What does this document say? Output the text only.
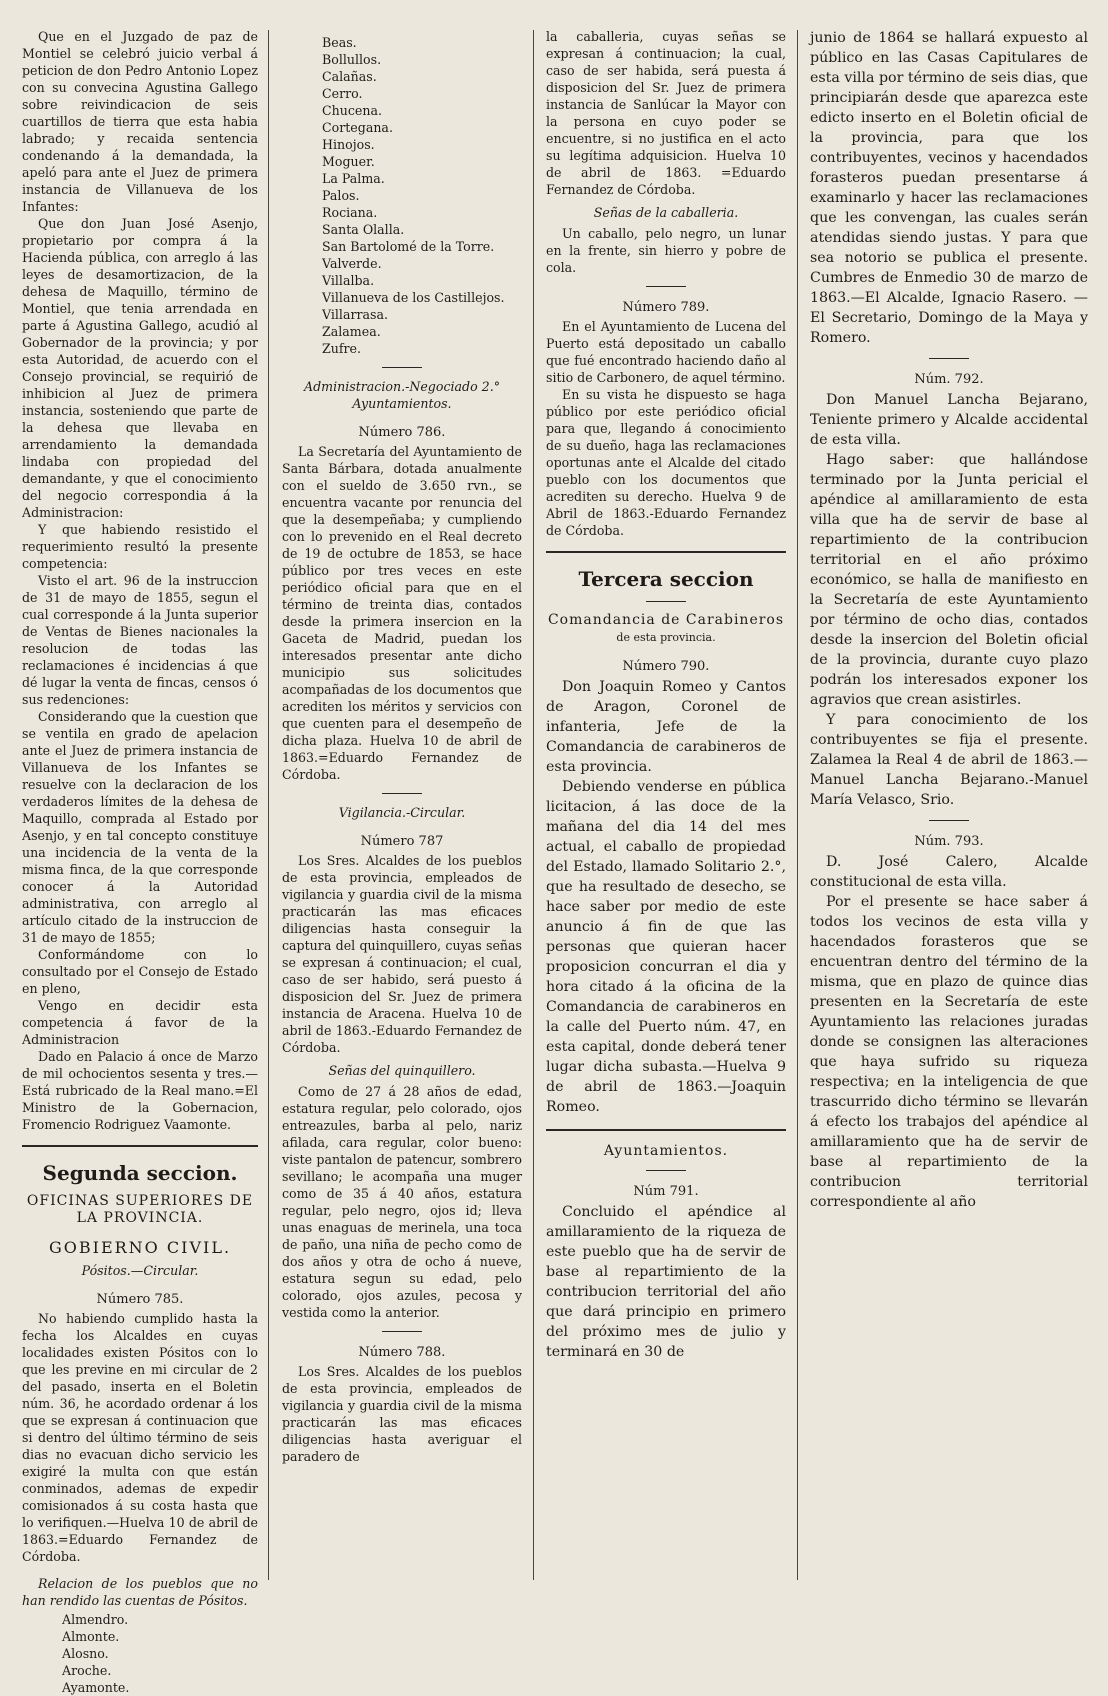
Que en el Juzgado de paz de Montiel se celebró juicio verbal á peticion de don Pedro Antonio Lopez con su convecina Agustina Gallego sobre reivindicacion de seis cuartillos de tierra que esta habia labrado; y recaida sentencia condenando á la demandada, la apeló para ante el Juez de primera instancia de Villanueva de los Infantes:

Que don Juan José Asenjo, propietario por compra á la Hacienda pública, con arreglo á las leyes de desamortizacion, de la dehesa de Maquillo, término de Montiel, que tenia arrendada en parte á Agustina Gallego, acudió al Gobernador de la provincia; y por esta Autoridad, de acuerdo con el Consejo provincial, se requirió de inhibicion al Juez de primera instancia, sosteniendo que parte de la dehesa que llevaba en arrendamiento la demandada lindaba con propiedad del demandante, y que el conocimiento del negocio correspondia á la Administracion:

Y que habiendo resistido el requerimiento resultó la presente competencia:

Visto el art. 96 de la instruccion de 31 de mayo de 1855, segun el cual corresponde á la Junta superior de Ventas de Bienes nacionales la resolucion de todas las reclamaciones é incidencias á que dé lugar la venta de fincas, censos ó sus redenciones:

Considerando que la cuestion que se ventila en grado de apelacion ante el Juez de primera instancia de Villanueva de los Infantes se resuelve con la declaracion de los verdaderos límites de la dehesa de Maquillo, comprada al Estado por Asenjo, y en tal concepto constituye una incidencia de la venta de la misma finca, de la que corresponde conocer á la Autoridad administrativa, con arreglo al artículo citado de la instruccion de 31 de mayo de 1855;

Conformándome con lo consultado por el Consejo de Estado en pleno,

Vengo en decidir esta competencia á favor de la Administracion

Dado en Palacio á once de Marzo de mil ochocientos sesenta y tres.—Está rubricado de la Real mano.=El Ministro de la Gobernacion, Fromencio Rodriguez Vaamonte.

Segunda seccion.
OFICINAS SUPERIORES DE LA PROVINCIA.
GOBIERNO CIVIL.
Pósitos.—Circular.
Número 785.

No habiendo cumplido hasta la fecha los Alcaldes en cuyas localidades existen Pósitos con lo que les previne en mi circular de 2 del pasado, inserta en el Boletin núm. 36, he acordado ordenar á los que se expresan á continuacion que si dentro del último término de seis dias no evacuan dicho servicio les exigiré la multa con que están conminados, ademas de expedir comisionados á su costa hasta que lo verifiquen.—Huelva 10 de abril de 1863.=Eduardo Fernandez de Córdoba.

Relacion de los pueblos que no han rendido las cuentas de Pósitos.

Almendro.
Almonte.
Alosno.
Aroche.
Ayamonte.
Beas.
Bollullos.
Calañas.
Cerro.
Chucena.
Cortegana.
Hinojos.
Moguer.
La Palma.
Palos.
Rociana.
Santa Olalla.
San Bartolomé de la Torre.
Valverde.
Villalba.
Villanueva de los Castillejos.
Villarrasa.
Zalamea.
Zufre.
Administracion.-Negociado 2.° Ayuntamientos.
Número 786.

La Secretaría del Ayuntamiento de Santa Bárbara, dotada anualmente con el sueldo de 3.650 rvn., se encuentra vacante por renuncia del que la desempeñaba; y cumpliendo con lo prevenido en el Real decreto de 19 de octubre de 1853, se hace público por tres veces en este periódico oficial para que en el término de treinta dias, contados desde la primera insercion en la Gaceta de Madrid, puedan los interesados presentar ante dicho municipio sus solicitudes acompañadas de los documentos que acrediten los méritos y servicios con que cuenten para el desempeño de dicha plaza. Huelva 10 de abril de 1863.=Eduardo Fernandez de Córdoba.

Vigilancia.-Circular.
Número 787

Los Sres. Alcaldes de los pueblos de esta provincia, empleados de vigilancia y guardia civil de la misma practicarán las mas eficaces diligencias hasta conseguir la captura del quinquillero, cuyas señas se expresan á continuacion; el cual, caso de ser habido, será puesto á disposicion del Sr. Juez de primera instancia de Aracena. Huelva 10 de abril de 1863.-Eduardo Fernandez de Córdoba.

Señas del quinquillero.

Como de 27 á 28 años de edad, estatura regular, pelo colorado, ojos entreazules, barba al pelo, nariz afilada, cara regular, color bueno: viste pantalon de patencur, sombrero sevillano; le acompaña una muger como de 35 á 40 años, estatura regular, pelo negro, ojos id; lleva unas enaguas de merinela, una toca de paño, una niña de pecho como de dos años y otra de ocho á nueve, estatura segun su edad, pelo colorado, ojos azules, pecosa y vestida como la anterior.

Número 788.

Los Sres. Alcaldes de los pueblos de esta provincia, empleados de vigilancia y guardia civil de la misma practicarán las mas eficaces diligencias hasta averiguar el paradero de

la caballeria, cuyas señas se expresan á continuacion; la cual, caso de ser habida, será puesta á disposicion del Sr. Juez de primera instancia de Sanlúcar la Mayor con la persona en cuyo poder se encuentre, si no justifica en el acto su legítima adquisicion. Huelva 10 de abril de 1863. =Eduardo Fernandez de Córdoba.

Señas de la caballeria.

Un caballo, pelo negro, un lunar en la frente, sin hierro y pobre de cola.

Número 789.

En el Ayuntamiento de Lucena del Puerto está depositado un caballo que fué encontrado haciendo daño al sitio de Carbonero, de aquel término.

En su vista he dispuesto se haga público por este periódico oficial para que, llegando á conocimiento de su dueño, haga las reclamaciones oportunas ante el Alcalde del citado pueblo con los documentos que acrediten su derecho. Huelva 9 de Abril de 1863.-Eduardo Fernandez de Córdoba.

Tercera seccion
Comandancia de Carabineros
de esta provincia.
Número 790.

Don Joaquin Romeo y Cantos de Aragon, Coronel de infanteria, Jefe de la Comandancia de carabineros de esta provincia.

Debiendo venderse en pública licitacion, á las doce de la mañana del dia 14 del mes actual, el caballo de propiedad del Estado, llamado Solitario 2.°, que ha resultado de desecho, se hace saber por medio de este anuncio á fin de que las personas que quieran hacer proposicion concurran el dia y hora citado á la oficina de la Comandancia de carabineros en la calle del Puerto núm. 47, en esta capital, donde deberá tener lugar dicha subasta.—Huelva 9 de abril de 1863.—Joaquin Romeo.

Ayuntamientos.
Núm 791.

Concluido el apéndice al amillaramiento de la riqueza de este pueblo que ha de servir de base al repartimiento de la contribucion territorial del año que dará principio en primero del próximo mes de julio y terminará en 30 de

junio de 1864 se hallará expuesto al público en las Casas Capitulares de esta villa por término de seis dias, que principiarán desde que aparezca este edicto inserto en el Boletin oficial de la provincia, para que los contribuyentes, vecinos y hacendados forasteros puedan presentarse á examinarlo y hacer las reclamaciones que les convengan, las cuales serán atendidas siendo justas. Y para que sea notorio se publica el presente. Cumbres de Enmedio 30 de marzo de 1863.—El Alcalde, Ignacio Rasero. —El Secretario, Domingo de la Maya y Romero.

Núm. 792.

Don Manuel Lancha Bejarano, Teniente primero y Alcalde accidental de esta villa.

Hago saber: que hallándose terminado por la Junta pericial el apéndice al amillaramiento de esta villa que ha de servir de base al repartimiento de la contribucion territorial en el año próximo económico, se halla de manifiesto en la Secretaría de este Ayuntamiento por término de ocho dias, contados desde la insercion del Boletin oficial de la provincia, durante cuyo plazo podrán los interesados exponer los agravios que crean asistirles.

Y para conocimiento de los contribuyentes se fija el presente. Zalamea la Real 4 de abril de 1863.—Manuel Lancha Bejarano.-Manuel María Velasco, Srio.

Núm. 793.

D. José Calero, Alcalde constitucional de esta villa.

Por el presente se hace saber á todos los vecinos de esta villa y hacendados forasteros que se encuentran dentro del término de la misma, que en plazo de quince dias presenten en la Secretaría de este Ayuntamiento las relaciones juradas donde se consignen las alteraciones que haya sufrido su riqueza respectiva; en la inteligencia de que trascurrido dicho término se llevarán á efecto los trabajos del apéndice al amillaramiento que ha de servir de base al repartimiento de la contribucion territorial correspondiente al año
